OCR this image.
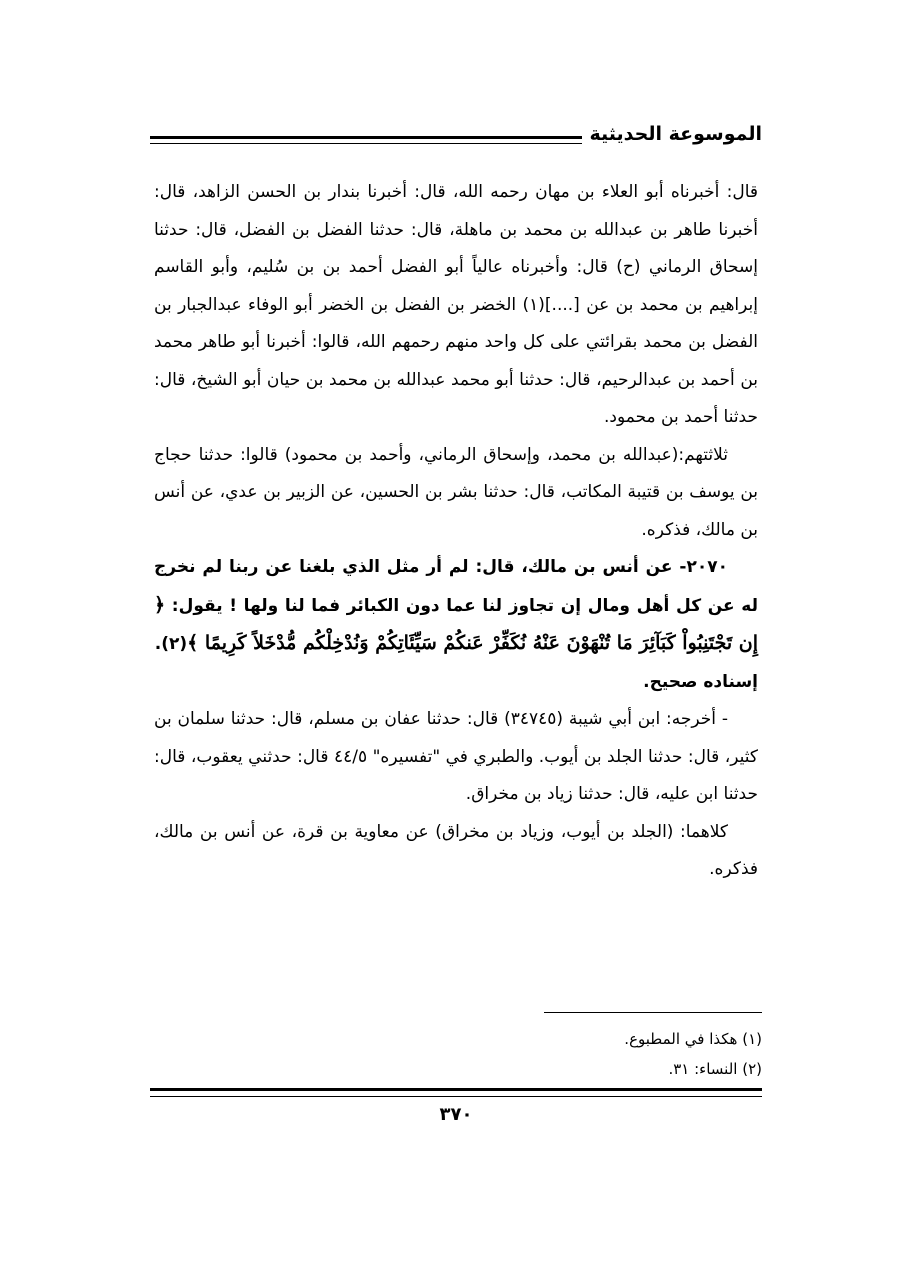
الموسوعة الحديثية

قال: أخبرناه أبو العلاء بن مهان رحمه الله، قال: أخبرنا بندار بن الحسن الزاهد، قال: أخبرنا طاهر بن عبدالله بن محمد بن ماهلة، قال: حدثنا الفضل بن الفضل، قال: حدثنا إسحاق الرماني (ح) قال: وأخبرناه عالياً أبو الفضل أحمد بن بن سُليم، وأبو القاسم إبراهيم بن محمد بن عن [....](١) الخضر بن الفضل بن الخضر أبو الوفاء عبدالجبار بن الفضل بن محمد بقرائتي على كل واحد منهم رحمهم الله، قالوا: أخبرنا أبو طاهر محمد بن أحمد بن عبدالرحيم، قال: حدثنا أبو محمد عبدالله بن محمد بن حيان أبو الشيخ، قال: حدثنا أحمد بن محمود.

ثلاثتهم:(عبدالله بن محمد، وإسحاق الرماني، وأحمد بن محمود) قالوا: حدثنا حجاج بن يوسف بن قتيبة المكاتب، قال: حدثنا بشر بن الحسين، عن الزبير بن عدي، عن أنس بن مالك، فذكره.

٢٠٧٠- عن أنس بن مالك، قال: لم أر مثل الذي بلغنا عن ربنا لم نخرج له عن كل أهل ومال إن تجاوز لنا عما دون الكبائر فما لنا ولها ! يقول: ﴿ إِن تَجْتَنِبُواْ كَبَآئِرَ مَا تُنْهَوْنَ عَنْهُ نُكَفِّرْ عَنكُمْ سَيِّئَاتِكُمْ وَنُدْخِلْكُم مُّدْخَلاً كَرِيمًا ﴾(٢).

إسناده صحيح.

- أخرجه: ابن أبي شيبة (٣٤٧٤٥) قال: حدثنا عفان بن مسلم، قال: حدثنا سلمان بن كثير، قال: حدثنا الجلد بن أيوب. والطبري في "تفسيره" ٤٤/٥ قال: حدثني يعقوب، قال: حدثنا ابن عليه، قال: حدثنا زياد بن مخراق.

كلاهما: (الجلد بن أيوب، وزياد بن مخراق) عن معاوية بن قرة، عن أنس بن مالك، فذكره.

(١) هكذا في المطبوع.
(٢) النساء: ٣١.
٣٧٠
